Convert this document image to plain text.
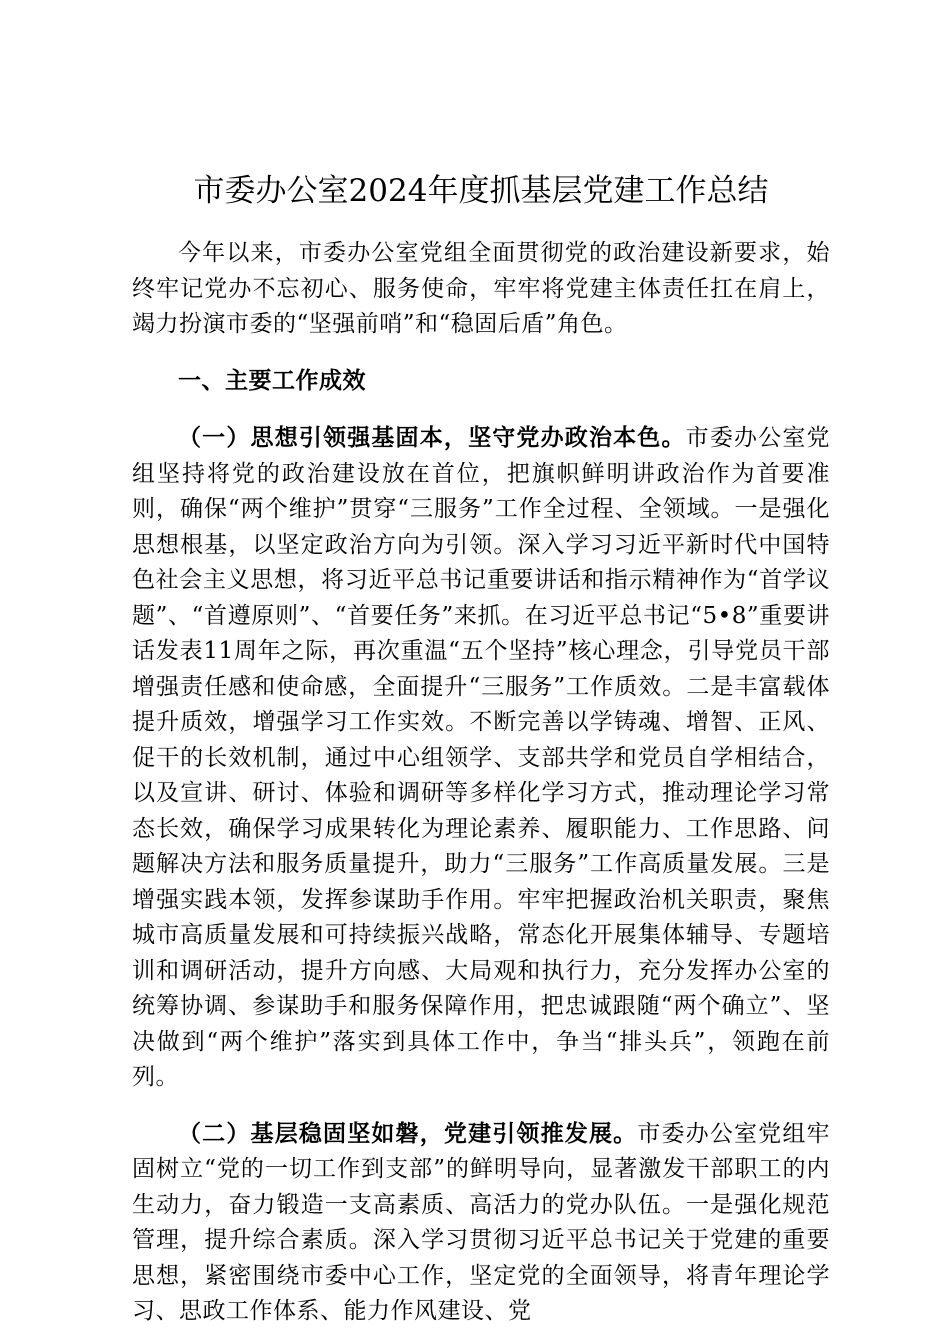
市委办公室2024年度抓基层党建工作总结

今年以来，市委办公室党组全面贯彻党的政治建设新要求，始终牢记党办不忘初心、服务使命，牢牢将党建主体责任扛在肩上，竭力扮演市委的“坚强前哨”和“稳固后盾”角色。

一、主要工作成效

（一）思想引领强基固本，坚守党办政治本色。市委办公室党组坚持将党的政治建设放在首位，把旗帜鲜明讲政治作为首要准则，确保“两个维护”贯穿“三服务”工作全过程、全领域。一是强化思想根基，以坚定政治方向为引领。深入学习习近平新时代中国特色社会主义思想，将习近平总书记重要讲话和指示精神作为“首学议题”、“首遵原则”、“首要任务”来抓。在习近平总书记“5•8”重要讲话发表11周年之际，再次重温“五个坚持”核心理念，引导党员干部增强责任感和使命感，全面提升“三服务”工作质效。二是丰富载体提升质效，增强学习工作实效。不断完善以学铸魂、增智、正风、促干的长效机制，通过中心组领学、支部共学和党员自学相结合，以及宣讲、研讨、体验和调研等多样化学习方式，推动理论学习常态长效，确保学习成果转化为理论素养、履职能力、工作思路、问题解决方法和服务质量提升，助力“三服务”工作高质量发展。三是增强实践本领，发挥参谋助手作用。牢牢把握政治机关职责，聚焦城市高质量发展和可持续振兴战略，常态化开展集体辅导、专题培训和调研活动，提升方向感、大局观和执行力，充分发挥办公室的统筹协调、参谋助手和服务保障作用，把忠诚跟随“两个确立”、坚决做到“两个维护”落实到具体工作中，争当“排头兵”，领跑在前列。

（二）基层稳固坚如磐，党建引领推发展。市委办公室党组牢固树立“党的一切工作到支部”的鲜明导向，显著激发干部职工的内生动力，奋力锻造一支高素质、高活力的党办队伍。一是强化规范管理，提升综合素质。深入学习贯彻习近平总书记关于党建的重要思想，紧密围绕市委中心工作，坚定党的全面领导，将青年理论学习、思政工作体系、能力作风建设、党
